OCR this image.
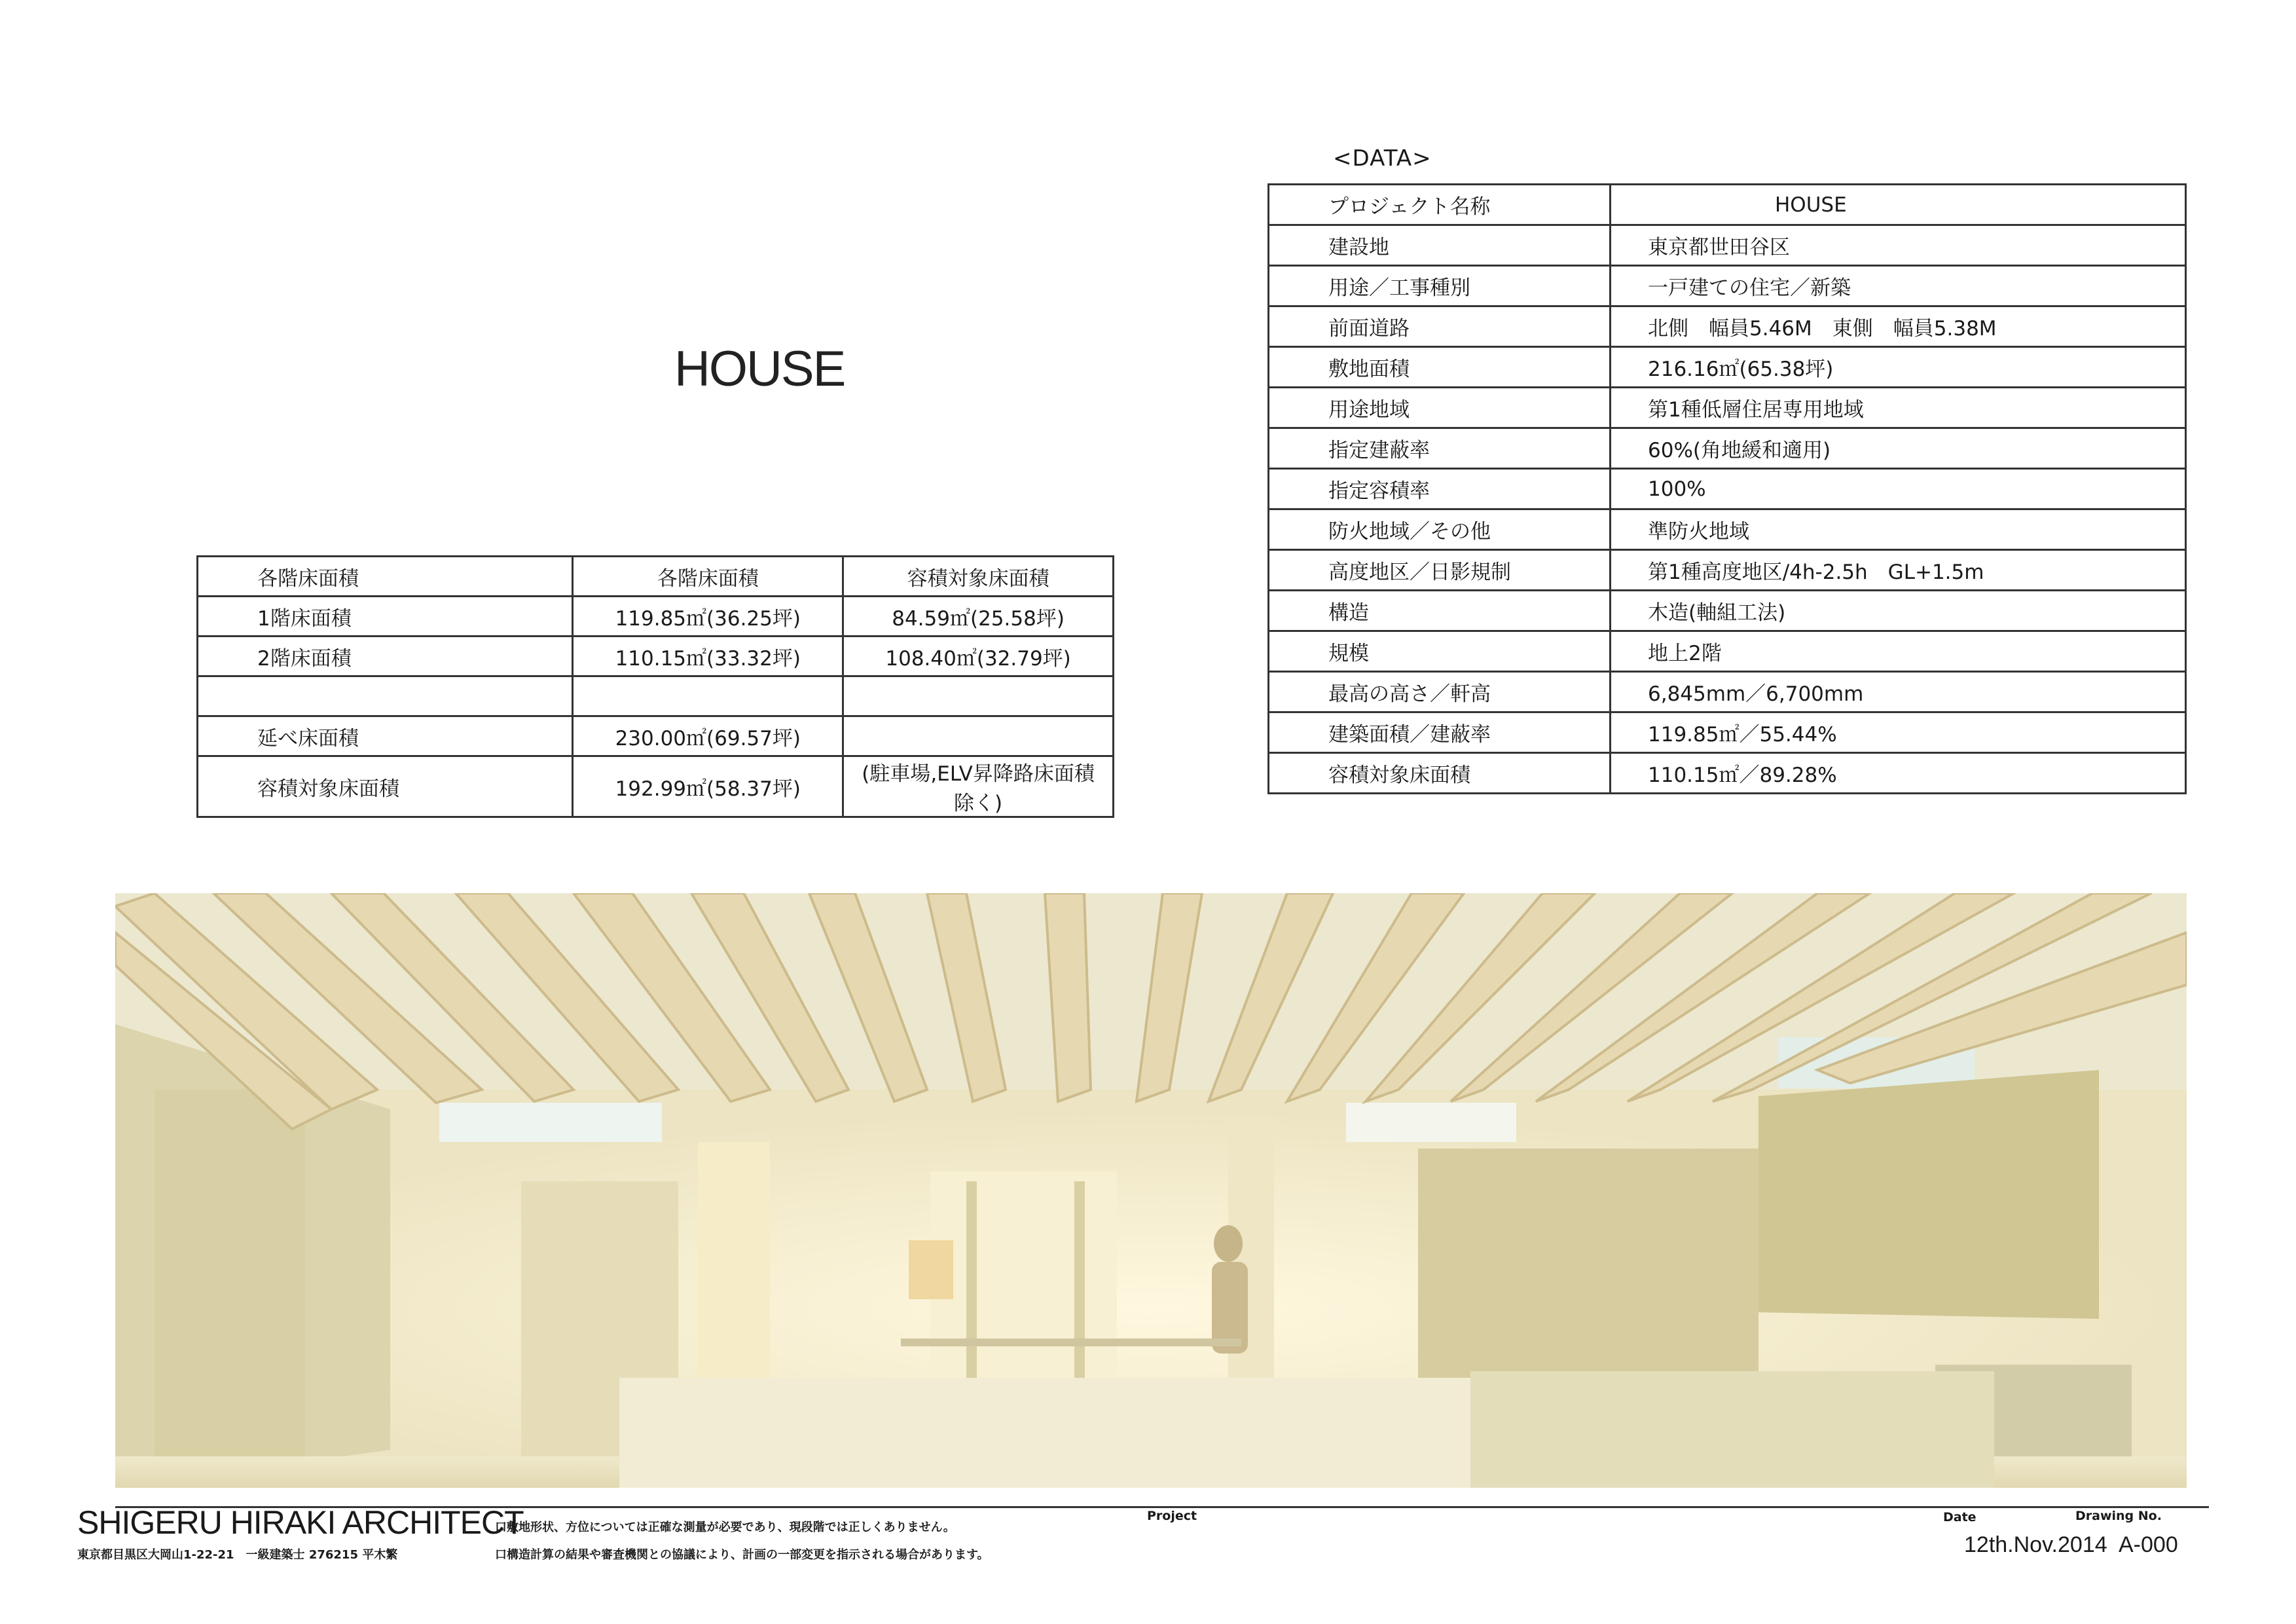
HOUSE
各階床面積	各階床面積	容積対象床面積
1階床面積	119.85㎡(36.25坪)	84.59㎡(25.58坪)
2階床面積	110.15㎡(33.32坪)	108.40㎡(32.79坪)

延べ床面積	230.00㎡(69.57坪)	
容積対象床面積	192.99㎡(58.37坪)	(駐車場,ELV昇降路床面積除く)
<DATA>
プロジェクト名称	HOUSE
建設地	東京都世田谷区
用途／工事種別	一戸建ての住宅／新築
前面道路	北側　幅員5.46M　東側　幅員5.38M
敷地面積	216.16㎡(65.38坪)
用途地域	第1種低層住居専用地域
指定建蔽率	60%(角地緩和適用)
指定容積率	100%
防火地域／その他	準防火地域
高度地区／日影規制	第1種高度地区/4h-2.5h　GL+1.5m
構造	木造(軸組工法)
規模	地上2階
最高の高さ／軒高	6,845mm／6,700mm
建築面積／建蔽率	119.85㎡／55.44%
容積対象床面積	110.15㎡／89.28%
SHIGERU HIRAKI ARCHITECT
東京都目黒区大岡山1-22-21　一級建築士 276215 平木繁
口敷地形状、方位については正確な測量が必要であり、現段階では正しくありません。
口構造計算の結果や審査機関との協議により、計画の一部変更を指示される場合があります。
Project	Date	Drawing No.
12th.Nov.2014 A-000
